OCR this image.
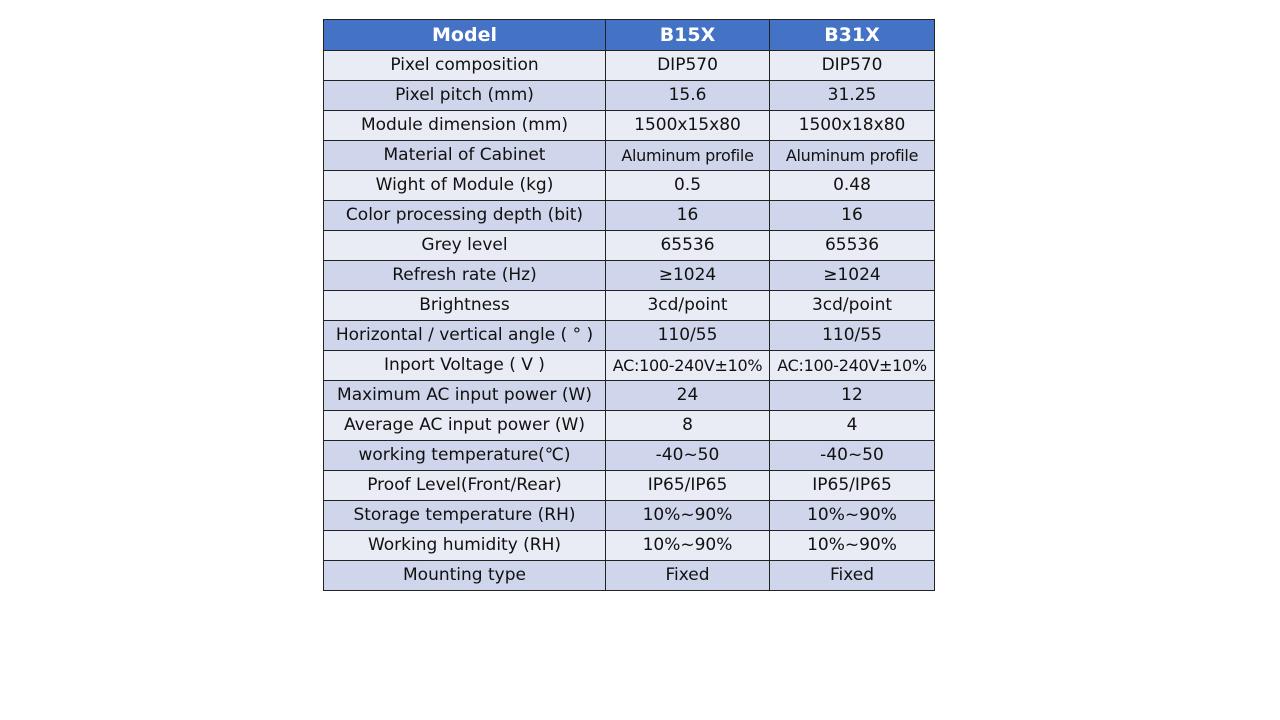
Model	B15X	B31X
Pixel composition	DIP570	DIP570
Pixel pitch (mm)	15.6	31.25
Module dimension (mm)	1500x15x80	1500x18x80
Material of Cabinet	Aluminum profile	Aluminum profile
Wight of Module (kg)	0.5	0.48
Color processing depth (bit)	16	16
Grey level	65536	65536
Refresh rate (Hz)	≥1024	≥1024
Brightness	3cd/point	3cd/point
Horizontal / vertical angle ( ° )	110/55	110/55
Inport Voltage ( V )	AC:100-240V±10%	AC:100-240V±10%
Maximum AC input power (W)	24	12
Average AC input power (W)	8	4
working temperature(℃)	-40~50	-40~50
Proof Level(Front/Rear)	IP65/IP65	IP65/IP65
Storage temperature (RH)	10%~90%	10%~90%
Working humidity (RH)	10%~90%	10%~90%
Mounting type	Fixed	Fixed
